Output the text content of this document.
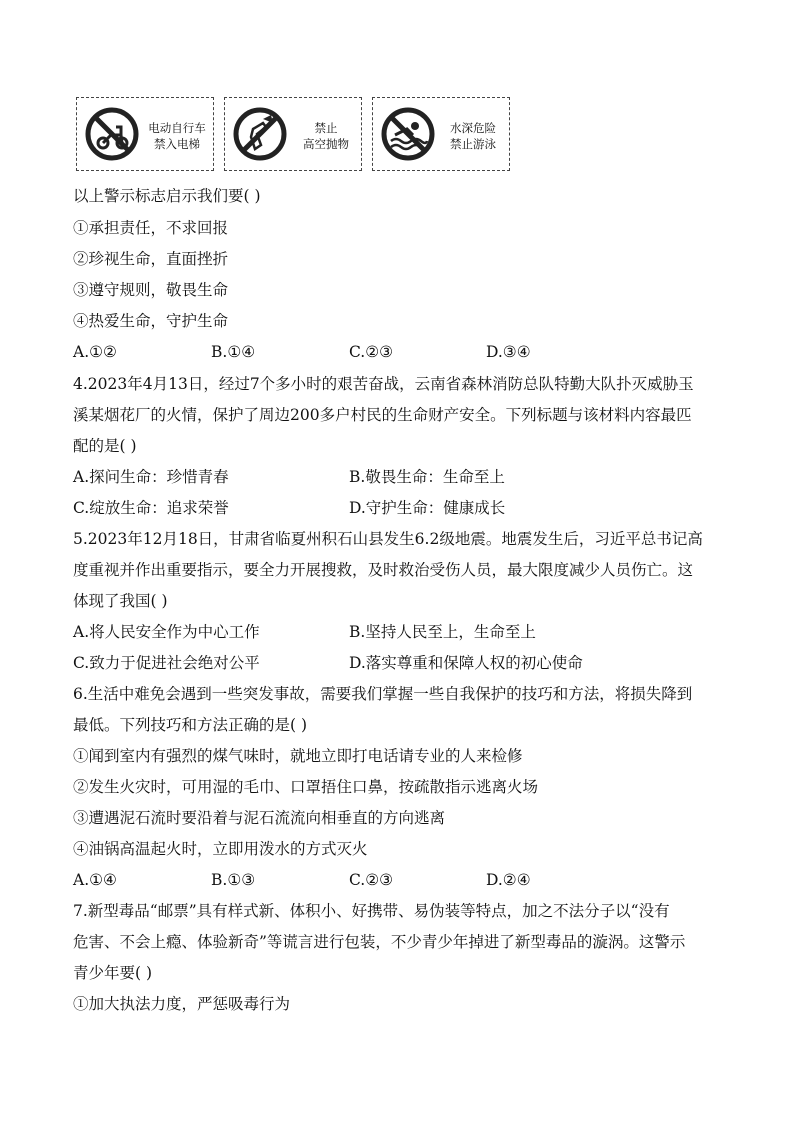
电动自行车
禁入电梯
禁止
高空抛物
水深危险
禁止游泳
以上警示标志启示我们要( )
①承担责任，不求回报
②珍视生命，直面挫折
③遵守规则，敬畏生命
④热爱生命，守护生命
A.①②	B.①④	C.②③	D.③④
4.2023年4月13日，经过7个多小时的艰苦奋战，云南省森林消防总队特勤大队扑灭威胁玉
溪某烟花厂的火情，保护了周边200多户村民的生命财产安全。下列标题与该材料内容最匹
配的是( )
A.探问生命：珍惜青春	B.敬畏生命：生命至上
C.绽放生命：追求荣誉	D.守护生命：健康成长
5.2023年12月18日，甘肃省临夏州积石山县发生6.2级地震。地震发生后，习近平总书记高
度重视并作出重要指示，要全力开展搜救，及时救治受伤人员，最大限度减少人员伤亡。这
体现了我国( )
A.将人民安全作为中心工作	B.坚持人民至上，生命至上
C.致力于促进社会绝对公平	D.落实尊重和保障人权的初心使命
6.生活中难免会遇到一些突发事故，需要我们掌握一些自我保护的技巧和方法，将损失降到
最低。下列技巧和方法正确的是( )
①闻到室内有强烈的煤气味时，就地立即打电话请专业的人来检修
②发生火灾时，可用湿的毛巾、口罩捂住口鼻，按疏散指示逃离火场
③遭遇泥石流时要沿着与泥石流流向相垂直的方向逃离
④油锅高温起火时，立即用泼水的方式灭火
A.①④	B.①③	C.②③	D.②④
7.新型毒品“邮票”具有样式新、体积小、好携带、易伪装等特点，加之不法分子以“没有
危害、不会上瘾、体验新奇”等谎言进行包装，不少青少年掉进了新型毒品的漩涡。这警示
青少年要( )
①加大执法力度，严惩吸毒行为
